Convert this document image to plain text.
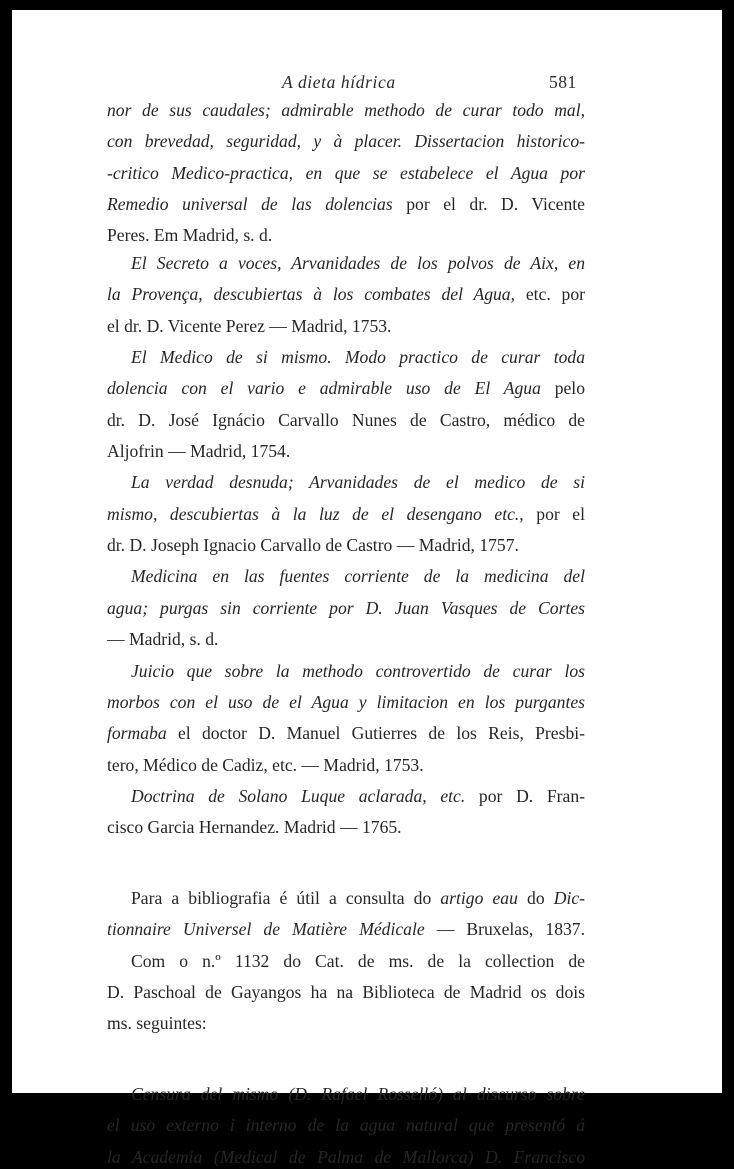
A dieta hídrica	581
nor de sus caudales; admirable methodo de curar todo mal,
con brevedad, seguridad, y à placer. Dissertacion historico-
-critico Medico-practica, en que se estabelece el Agua por
Remedio universal de las dolencias por el dr. D. Vicente
Peres. Em Madrid, s. d.
El Secreto a voces, Arvanidades de los polvos de Aix, en
la Provença, descubiertas à los combates del Agua, etc. por
el dr. D. Vicente Perez — Madrid, 1753.
El Medico de si mismo. Modo practico de curar toda
dolencia con el vario e admirable uso de El Agua pelo
dr. D. José Ignácio Carvallo Nunes de Castro, médico de
Aljofrin — Madrid, 1754.
La verdad desnuda; Arvanidades de el medico de si
mismo, descubiertas à la luz de el desengano etc., por el
dr. D. Joseph Ignacio Carvallo de Castro — Madrid, 1757.
Medicina en las fuentes corriente de la medicina del
agua; purgas sin corriente por D. Juan Vasques de Cortes
— Madrid, s. d.
Juicio que sobre la methodo controvertido de curar los
morbos con el uso de el Agua y limitacion en los purgantes
formaba el doctor D. Manuel Gutierres de los Reis, Presbi-
tero, Médico de Cadiz, etc. — Madrid, 1753.
Doctrina de Solano Luque aclarada, etc. por D. Fran-
cisco Garcia Hernandez. Madrid — 1765.
Para a bibliografia é útil a consulta do artigo eau do Dic-
tionnaire Universel de Matière Médicale — Bruxelas, 1837.
Com o n.º 1132 do Cat. de ms. de la collection de
D. Paschoal de Gayangos ha na Biblioteca de Madrid os dois
ms. seguintes:
Censura del mismo (D. Rafael Rosselló) al discurso sobre
el uso externo i interno de la agua natural que presentó á
la Academia (Medical de Palma de Mallorca) D. Francisco
